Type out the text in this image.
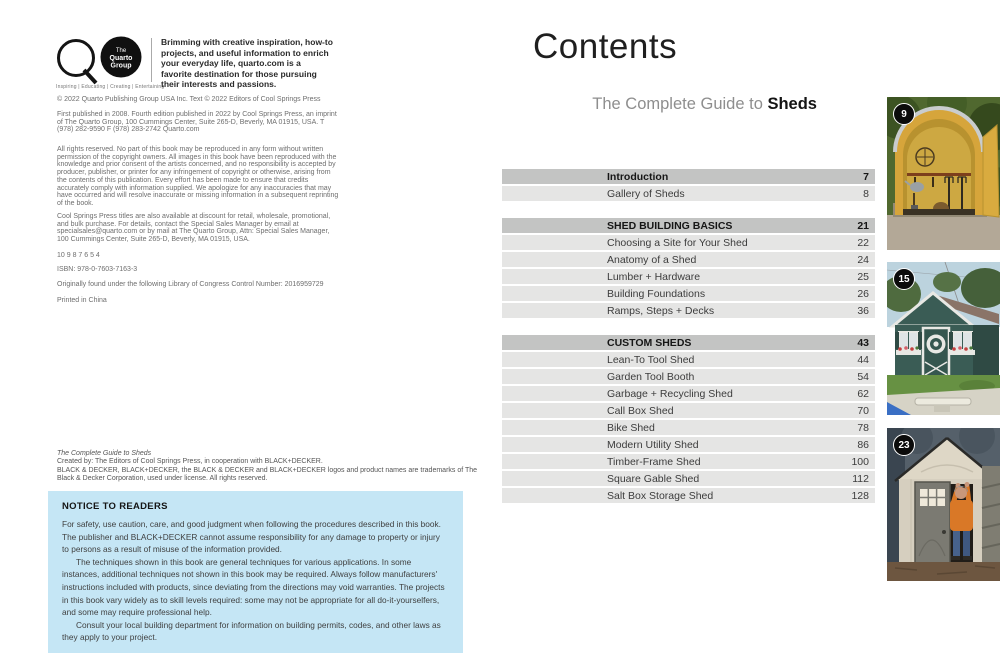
The
Quarto
Group
Inspiring | Educating | Creating | Entertaining
Brimming with creative inspiration, how-to projects, and useful information to enrich your everyday life, quarto.com is a favorite destination for those pursuing their interests and passions.
© 2022 Quarto Publishing Group USA Inc. Text © 2022 Editors of Cool Springs Press
First published in 2008. Fourth edition published in 2022 by Cool Springs Press, an imprint of The Quarto Group, 100 Cummings Center, Suite 265-D, Beverly, MA 01915, USA. T (978) 282-9590 F (978) 283-2742 Quarto.com
All rights reserved. No part of this book may be reproduced in any form without written permission of the copyright owners. All images in this book have been reproduced with the knowledge and prior consent of the artists concerned, and no responsibility is accepted by producer, publisher, or printer for any infringement of copyright or otherwise, arising from the contents of this publication. Every effort has been made to ensure that credits accurately comply with information supplied. We apologize for any inaccuracies that may have occurred and will resolve inaccurate or missing information in a subsequent reprinting of the book.
Cool Springs Press titles are also available at discount for retail, wholesale, promotional, and bulk purchase. For details, contact the Special Sales Manager by email at specialsales@quarto.com or by mail at The Quarto Group, Attn: Special Sales Manager, 100 Cummings Center, Suite 265-D, Beverly, MA 01915, USA.
10 9 8 7 6 5 4
ISBN: 978-0-7603-7163-3
Originally found under the following Library of Congress Control Number: 2016959729
Printed in China
The Complete Guide to Sheds
Created by: The Editors of Cool Springs Press, in cooperation with BLACK+DECKER.
BLACK & DECKER, BLACK+DECKER, the BLACK & DECKER and BLACK+DECKER logos and product names are trademarks of The Black & Decker Corporation, used under license. All rights reserved.
NOTICE TO READERS

For safety, use caution, care, and good judgment when following the procedures described in this book. The publisher and BLACK+DECKER cannot assume responsibility for any damage to property or injury to persons as a result of misuse of the information provided.

The techniques shown in this book are general techniques for various applications. In some instances, additional techniques not shown in this book may be required. Always follow manufacturers' instructions included with products, since deviating from the directions may void warranties. The projects in this book vary widely as to skill levels required: some may not be appropriate for all do-it-yourselfers, and some may require professional help.

Consult your local building department for information on building permits, codes, and other laws as they apply to your project.

Contents
The Complete Guide to Sheds
Introduction	7
Gallery of Sheds	8
SHED BUILDING BASICS	21
Choosing a Site for Your Shed	22
Anatomy of a Shed	24
Lumber + Hardware	25
Building Foundations	26
Ramps, Steps + Decks	36
CUSTOM SHEDS	43
Lean-To Tool Shed	44
Garden Tool Booth	54
Garbage + Recycling Shed	62
Call Box Shed	70
Bike Shed	78
Modern Utility Shed	86
Timber-Frame Shed	100
Square Gable Shed	112
Salt Box Storage Shed	128
9
15
23
